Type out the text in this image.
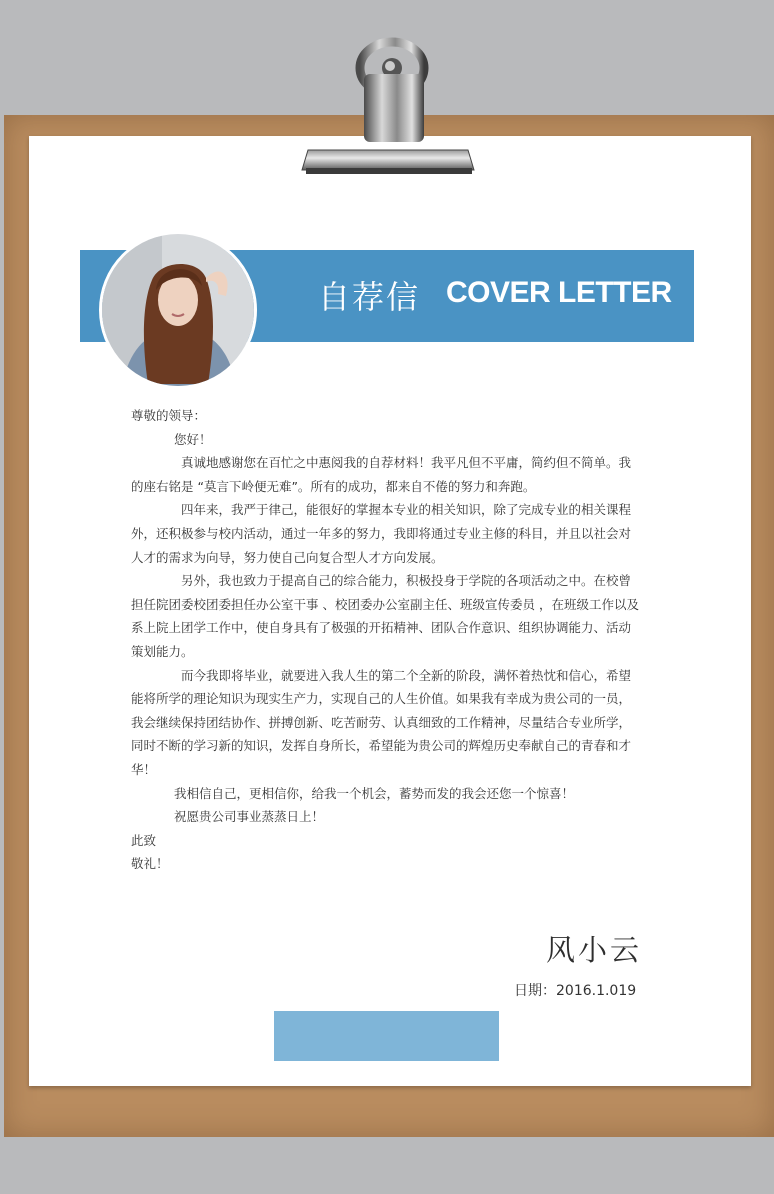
自荐信 COVER LETTER

尊敬的领导：

您好！

真诚地感谢您在百忙之中惠阅我的自荐材料！我平凡但不平庸，简约但不简单。我的座右铭是 “莫言下岭便无难”。所有的成功，都来自不倦的努力和奔跑。

四年来，我严于律己，能很好的掌握本专业的相关知识，除了完成专业的相关课程外，还积极参与校内活动，通过一年多的努力，我即将通过专业主修的科目，并且以社会对人才的需求为向导，努力使自己向复合型人才方向发展。

另外，我也致力于提高自己的综合能力，积极投身于学院的各项活动之中。在校曾担任院团委校团委担任办公室干事 、校团委办公室副主任、班级宣传委员 ，在班级工作以及系上院上团学工作中，使自身具有了极强的开拓精神、团队合作意识、组织协调能力、活动策划能力。

而今我即将毕业，就要进入我人生的第二个全新的阶段，满怀着热忱和信心，希望能将所学的理论知识为现实生产力，实现自己的人生价值。如果我有幸成为贵公司的一员，我会继续保持团结协作、拼搏创新、吃苦耐劳、认真细致的工作精神，尽量结合专业所学，同时不断的学习新的知识，发挥自身所长，希望能为贵公司的辉煌历史奉献自己的青春和才华！

我相信自己，更相信你，给我一个机会，蓄势而发的我会还您一个惊喜！

祝愿贵公司事业蒸蒸日上！

此致

敬礼！

风小云
日期：2016.1.019
